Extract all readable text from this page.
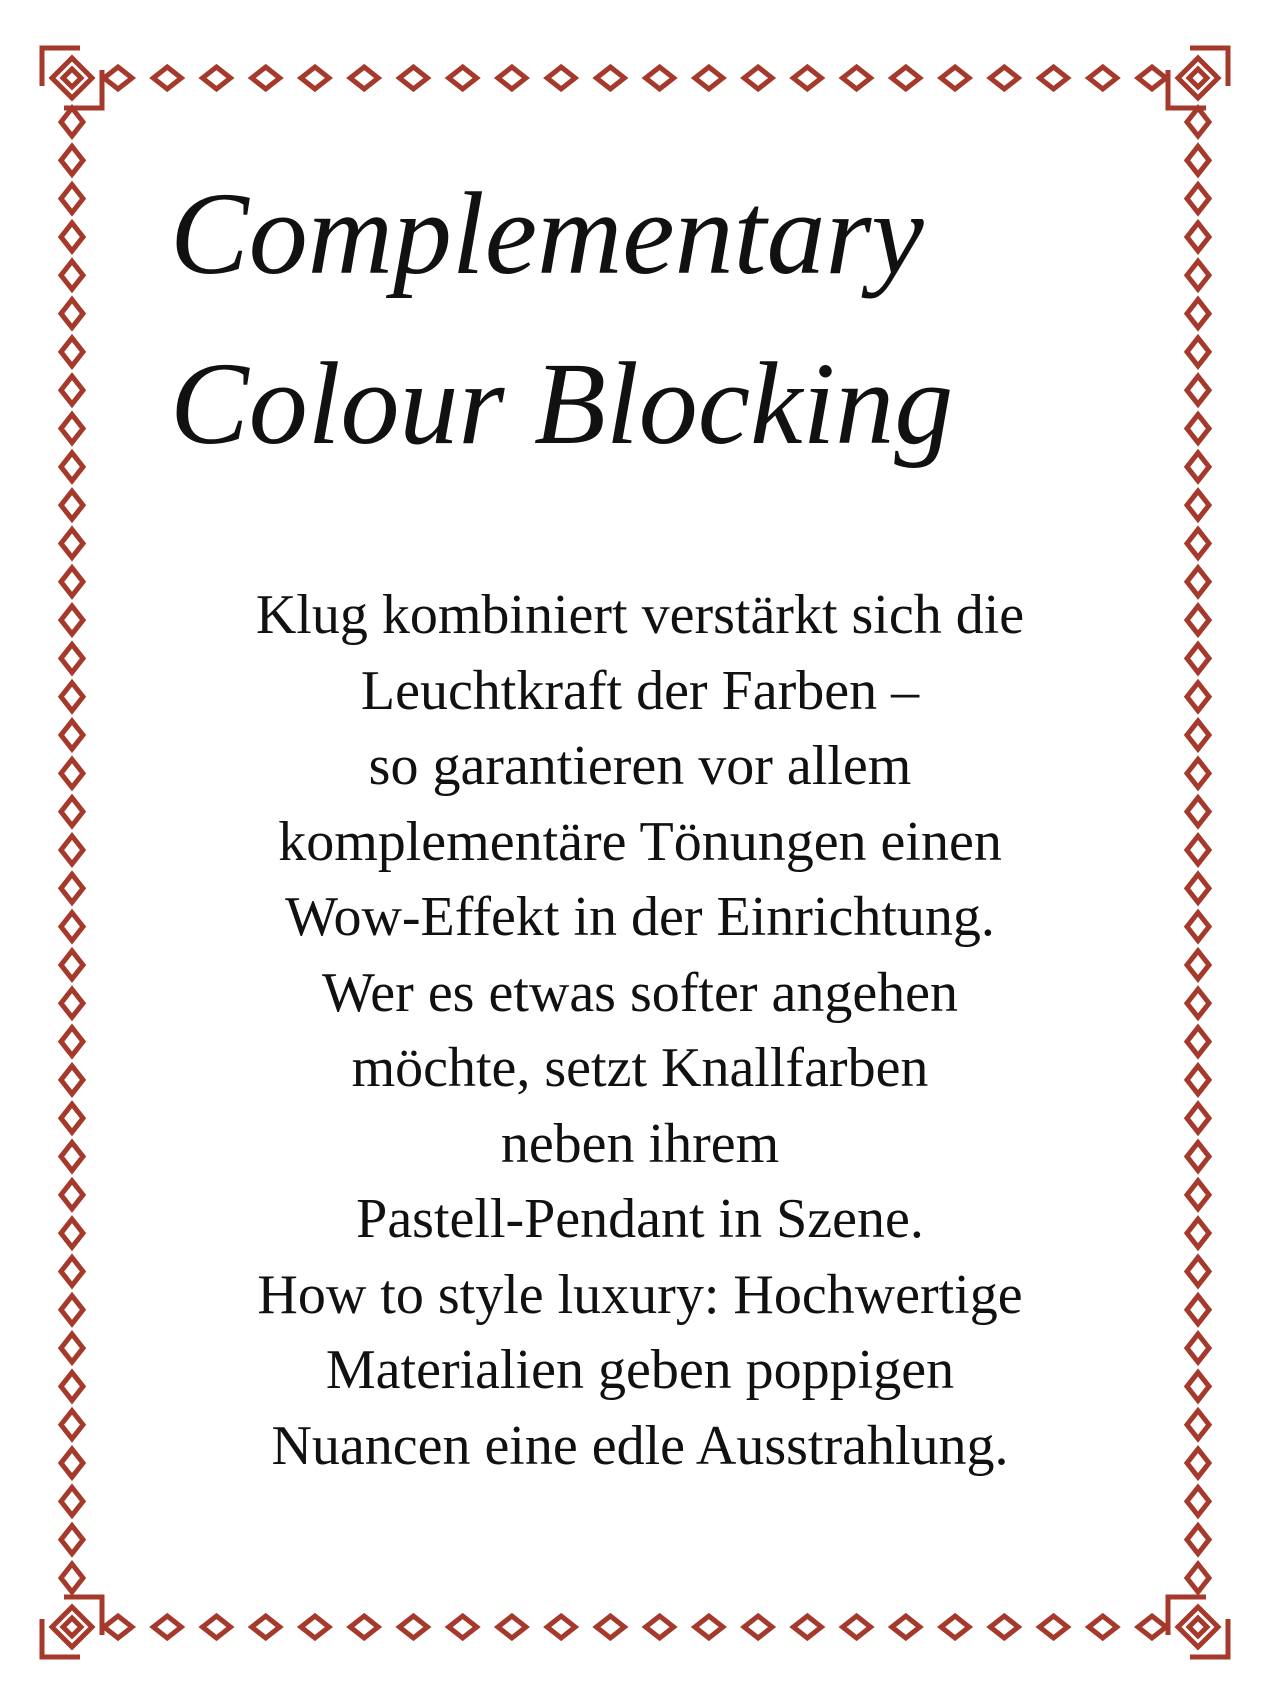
Complementary
Colour Blocking
Klug kombiniert verstärkt sich die
Leuchtkraft der Farben –
so garantieren vor allem
komplementäre Tönungen einen
Wow-Effekt in der Einrichtung.
Wer es etwas softer angehen
möchte, setzt Knallfarben
neben ihrem
Pastell-Pendant in Szene.
How to style luxury: Hochwertige
Materialien geben poppigen
Nuancen eine edle Ausstrahlung.
